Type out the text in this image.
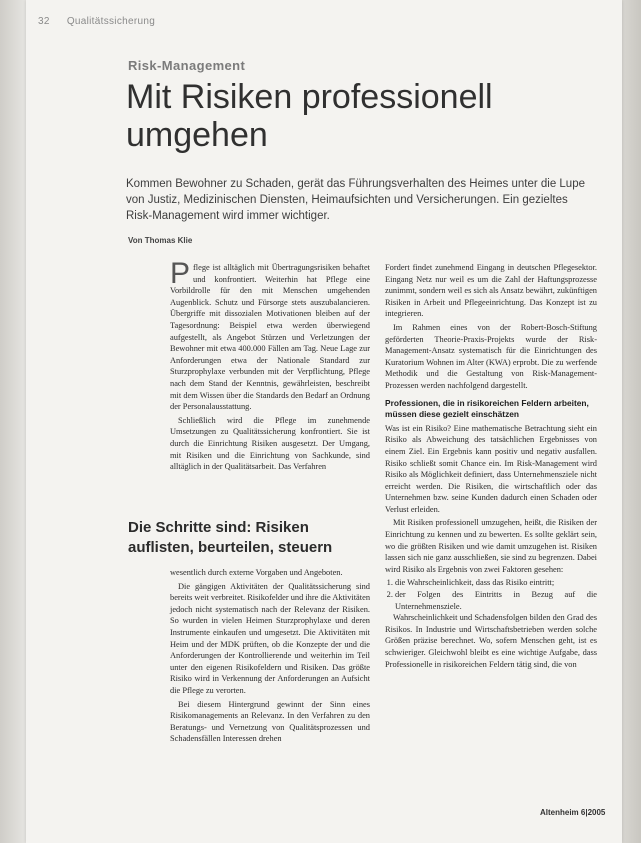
32 Qualitätssicherung
Risk-Management
Mit Risiken professionell umgehen

Kommen Bewohner zu Schaden, gerät das Führungsverhalten des Heimes unter die Lupe von Justiz, Medizinischen Diensten, Heimaufsichten und Versicherungen. Ein gezieltes Risk-Management wird immer wichtiger.

Von Thomas Klie

Pflege ist alltäglich mit Übertragungsrisiken behaftet und konfrontiert. Weiterhin hat Pflege eine Vorbildrolle für den mit Menschen umgehenden Augenblick. Schutz und Fürsorge stets auszubalancieren. Übergriffe mit dissozialen Motivationen bleiben auf der Tagesordnung: Beispiel etwa werden überwiegend aufgestellt, als Angebot Stürzen und Verletzungen der Bewohner mit etwa 400.000 Fällen am Tag. Neue Lage zur Anforderungen etwa der Nationale Standard zur Sturzprophylaxe verbunden mit der Verpflichtung, Pflege nach dem Stand der Kenntnis, gewährleisten, beschreibt mit dem Wissen über die Standards den Bedarf an Ordnung der Personalausstattung.

Schließlich wird die Pflege im zunehmende Umsetzungen zu Qualitätssicherung konfrontiert. Sie ist durch die Einrichtung Risiken ausgesetzt. Der Umgang, mit Risiken und die Einrichtung von Sachkunde, sind alltäglich in der Qualitätsarbeit. Das Verfahren

Die Schritte sind: Risiken auflisten, beurteilen, steuern

wesentlich durch externe Vorgaben und Angeboten.

Die gängigen Aktivitäten der Qualitätssicherung sind bereits weit verbreitet. Risikofelder und ihre die Aktivitäten jedoch nicht systematisch nach der Relevanz der Risiken. So wurden in vielen Heimen Sturzprophylaxe und deren Instrumente einkaufen und umgesetzt. Die Aktivitäten mit Heim und der MDK prüften, ob die Konzepte der und die Anforderungen der Kontrollierende und weiterhin im Teil unter den eigenen Risikofeldern und Risiken. Das größte Risiko wird in Verkennung der Anforderungen an Aufsicht die Pflege zu verorten.

Bei diesem Hintergrund gewinnt der Sinn eines Risikomanagements an Relevanz. In den Verfahren zu den Beratungs- und Vernetzung von Qualitätsprozessen und Schadensfällen Interessen drehen

Fordert findet zunehmend Eingang in deutschen Pflegesektor. Eingang Netz nur weil es um die Zahl der Haftungsprozesse zunimmt, sondern weil es sich als Ansatz bewährt, zukünftigen Risiken in Arbeit und Pflegeeinrichtung. Das Konzept ist zu integrieren.

Im Rahmen eines von der Robert-Bosch-Stiftung geförderten Theorie-Praxis-Projekts wurde der Risk-Management-Ansatz systematisch für die Einrichtungen des Kuratorium Wohnen im Alter (KWA) erprobt. Die zu werfende Methodik und die Gestaltung von Risk-Management-Prozessen werden nachfolgend dargestellt.

Professionen, die in risikoreichen Feldern arbeiten, müssen diese gezielt einschätzen

Was ist ein Risiko? Eine mathematische Betrachtung sieht ein Risiko als Abweichung des tatsächlichen Ergebnisses von einem Ziel. Ein Ergebnis kann positiv und negativ ausfallen. Risiko schließt somit Chance ein. Im Risk-Management wird Risiko als Möglichkeit definiert, dass Unternehmensziele nicht erreicht werden. Die Risiken, die wirtschaftlich oder das Unternehmen bzw. seine Kunden dadurch einen Schaden oder Verlust erleiden.

Mit Risiken professionell umzugehen, heißt, die Risiken der Einrichtung zu kennen und zu bewerten. Es sollte geklärt sein, wo die größten Risiken und wie damit umzugehen ist. Risiken lassen sich nie ganz ausschließen, sie sind zu begrenzen. Dabei wird Risiko als Ergebnis von zwei Faktoren gesehen:

1. die Wahrscheinlichkeit, dass das Risiko eintritt;
2. der Folgen des Eintritts in Bezug auf die Unternehmensziele.

Wahrscheinlichkeit und Schadensfolgen bilden den Grad des Risikos. In Industrie und Wirtschaftsbetrieben werden solche Größen präzise berechnet. Wo, sofern Menschen geht, ist es schwieriger. Gleichwohl bleibt es eine wichtige Aufgabe, dass Professionelle in risikoreichen Feldern tätig sind, die von

Altenheim 6|2005
